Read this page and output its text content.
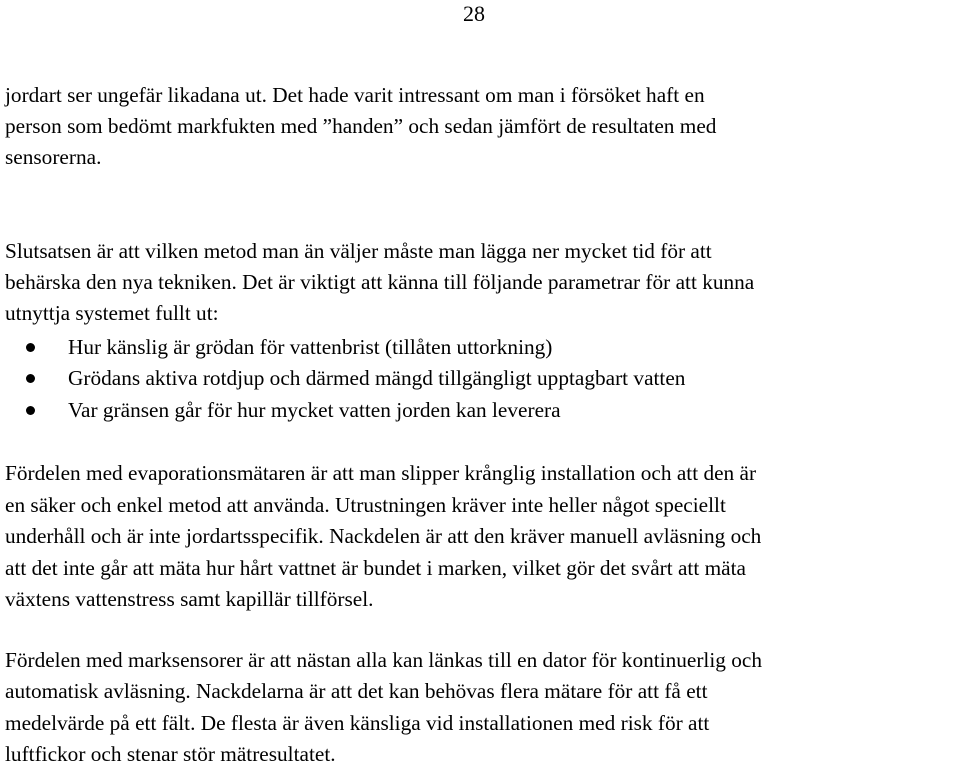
28
jordart ser ungefär likadana ut. Det hade varit intressant om man i försöket haft en
person som bedömt markfukten med ”handen” och sedan jämfört de resultaten med
sensorerna.
Slutsatsen är att vilken metod man än väljer måste man lägga ner mycket tid för att
behärska den nya tekniken. Det är viktigt att känna till följande parametrar för att kunna
utnyttja systemet fullt ut:
Hur känslig är grödan för vattenbrist (tillåten uttorkning)
Grödans aktiva rotdjup och därmed mängd tillgängligt upptagbart vatten
Var gränsen går för hur mycket vatten jorden kan leverera
Fördelen med evaporationsmätaren är att man slipper krånglig installation och att den är
en säker och enkel metod att använda. Utrustningen kräver inte heller något speciellt
underhåll och är inte jordartsspecifik. Nackdelen är att den kräver manuell avläsning och
att det inte går att mäta hur hårt vattnet är bundet i marken, vilket gör det svårt att mäta
växtens vattenstress samt kapillär tillförsel.
Fördelen med marksensorer är att nästan alla kan länkas till en dator för kontinuerlig och
automatisk avläsning. Nackdelarna är att det kan behövas flera mätare för att få ett
medelvärde på ett fält. De flesta är även känsliga vid installationen med risk för att
luftfickor och stenar stör mätresultatet.
